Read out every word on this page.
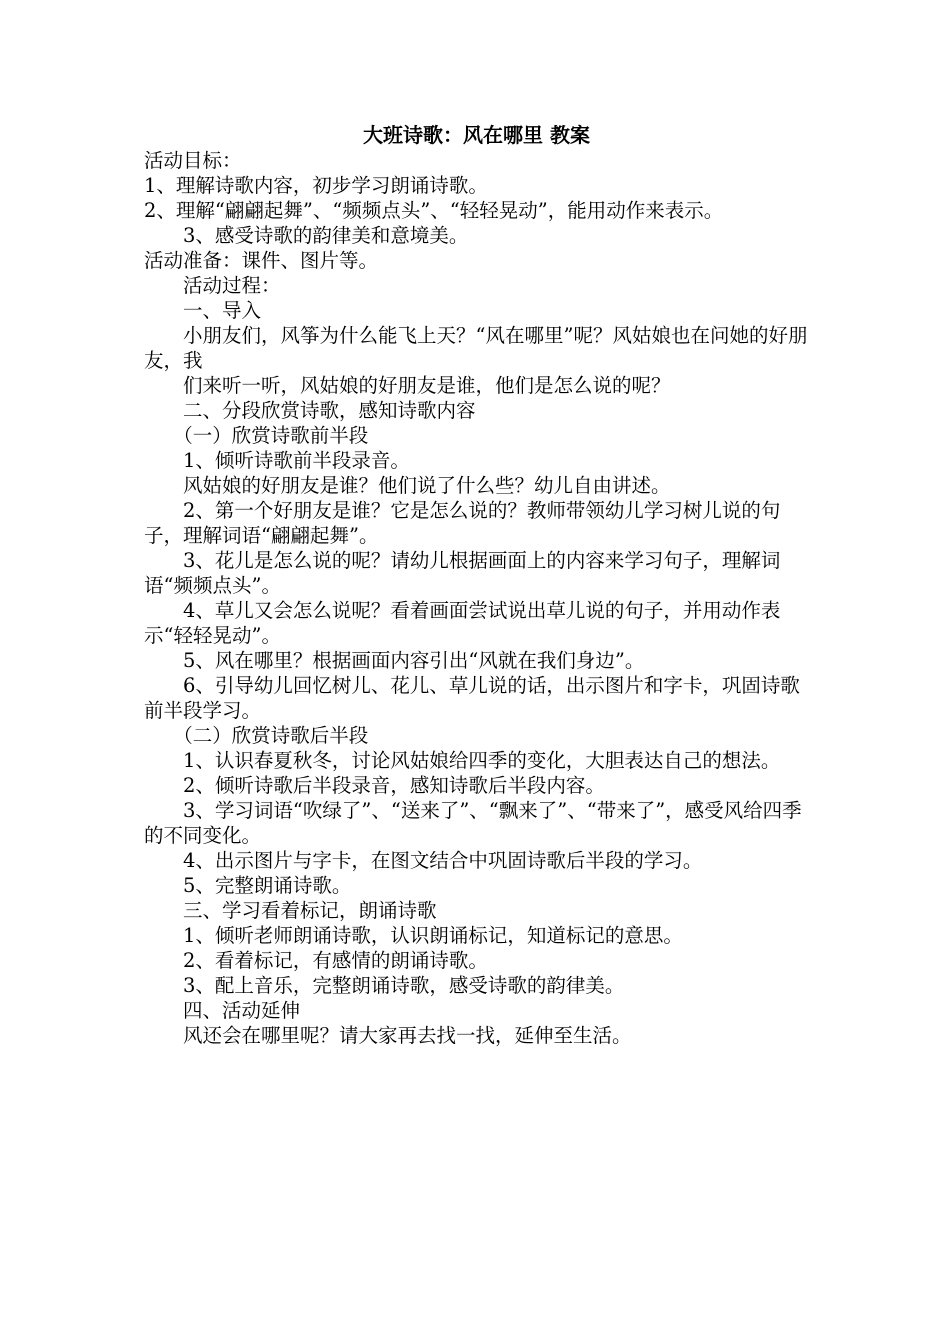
大班诗歌：风在哪里 教案

活动目标：

1、理解诗歌内容，初步学习朗诵诗歌。

2、理解“翩翩起舞”、“频频点头”、“轻轻晃动”，能用动作来表示。

3、感受诗歌的韵律美和意境美。

活动准备：课件、图片等。

活动过程：

一、导入

小朋友们，风筝为什么能飞上天？“风在哪里”呢？风姑娘也在问她的好朋友，我

们来听一听，风姑娘的好朋友是谁，他们是怎么说的呢？

二、分段欣赏诗歌，感知诗歌内容

（一）欣赏诗歌前半段

1、倾听诗歌前半段录音。

风姑娘的好朋友是谁？他们说了什么些？幼儿自由讲述。

2、第一个好朋友是谁？它是怎么说的？教师带领幼儿学习树儿说的句子，理解词语“翩翩起舞”。

3、花儿是怎么说的呢？请幼儿根据画面上的内容来学习句子，理解词语“频频点头”。

4、草儿又会怎么说呢？看着画面尝试说出草儿说的句子，并用动作表示“轻轻晃动”。

5、风在哪里？根据画面内容引出“风就在我们身边”。

6、引导幼儿回忆树儿、花儿、草儿说的话，出示图片和字卡，巩固诗歌前半段学习。

（二）欣赏诗歌后半段

1、认识春夏秋冬，讨论风姑娘给四季的变化，大胆表达自己的想法。

2、倾听诗歌后半段录音，感知诗歌后半段内容。

3、学习词语“吹绿了”、“送来了”、“飘来了”、“带来了”，感受风给四季的不同变化。

4、出示图片与字卡，在图文结合中巩固诗歌后半段的学习。

5、完整朗诵诗歌。

三、学习看着标记，朗诵诗歌

1、倾听老师朗诵诗歌，认识朗诵标记，知道标记的意思。

2、看着标记，有感情的朗诵诗歌。

3、配上音乐，完整朗诵诗歌，感受诗歌的韵律美。

四、活动延伸

风还会在哪里呢？请大家再去找一找，延伸至生活。
